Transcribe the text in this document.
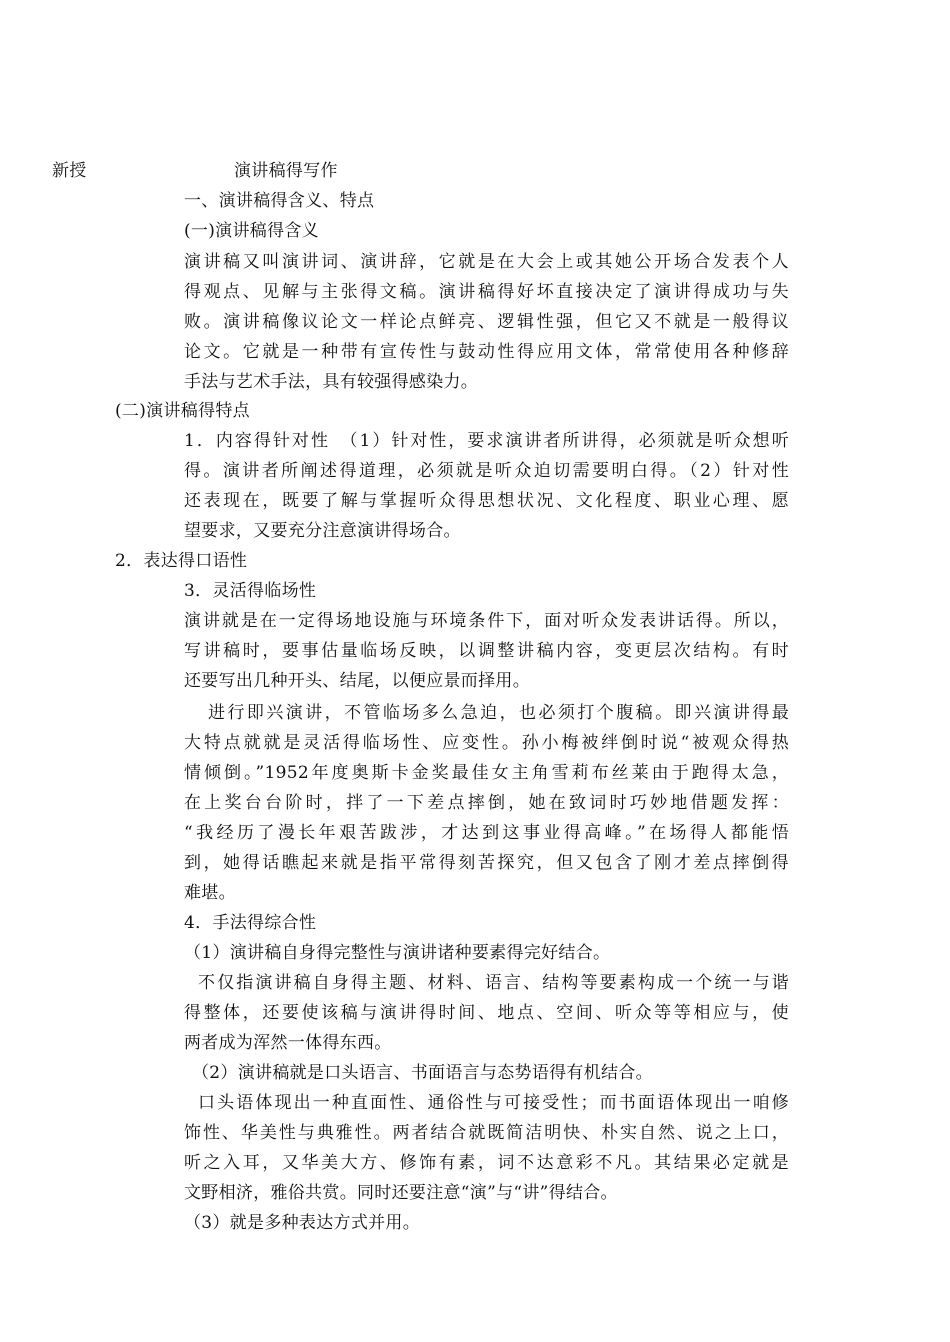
新授	演讲稿得写作
一、演讲稿得含义、特点
(一)演讲稿得含义
演讲稿又叫演讲词、演讲辞，它就是在大会上或其她公开场合发表个人
得观点、见解与主张得文稿。演讲稿得好坏直接决定了演讲得成功与失
败。演讲稿像议论文一样论点鲜亮、逻辑性强，但它又不就是一般得议
论文。它就是一种带有宣传性与鼓动性得应用文体，常常使用各种修辞
手法与艺术手法，具有较强得感染力。
(二)演讲稿得特点
1．内容得针对性　（1）针对性，要求演讲者所讲得，必须就是听众想听
得。演讲者所阐述得道理，必须就是听众迫切需要明白得。（2）针对性
还表现在，既要了解与掌握听众得思想状况、文化程度、职业心理、愿
望要求，又要充分注意演讲得场合。
2．表达得口语性
3．灵活得临场性
演讲就是在一定得场地设施与环境条件下，面对听众发表讲话得。所以，
写讲稿时，要事估量临场反映，以调整讲稿内容，变更层次结构。有时
还要写出几种开头、结尾，以便应景而择用。
进行即兴演讲，不管临场多么急迫，也必须打个腹稿。即兴演讲得最
大特点就就是灵活得临场性、应变性。孙小梅被绊倒时说“被观众得热
情倾倒。”1952年度奥斯卡金奖最佳女主角雪莉布丝莱由于跑得太急，
在上奖台台阶时，拌了一下差点摔倒，她在致词时巧妙地借题发挥：
“我经历了漫长年艰苦跋涉，才达到这事业得高峰。”在场得人都能悟
到，她得话瞧起来就是指平常得刻苦探究，但又包含了刚才差点摔倒得
难堪。
4．手法得综合性
（1）演讲稿自身得完整性与演讲诸种要素得完好结合。
不仅指演讲稿自身得主题、材料、语言、结构等要素构成一个统一与谐
得整体，还要使该稿与演讲得时间、地点、空间、听众等等相应与，使
两者成为浑然一体得东西。
（2）演讲稿就是口头语言、书面语言与态势语得有机结合。
口头语体现出一种直面性、通俗性与可接受性；而书面语体现出一咱修
饰性、华美性与典雅性。两者结合就既简洁明快、朴实自然、说之上口，
听之入耳，又华美大方、修饰有素，词不达意彩不凡。其结果必定就是
文野相济，雅俗共赏。同时还要注意“演”与“讲”得结合。
（3）就是多种表达方式并用。
